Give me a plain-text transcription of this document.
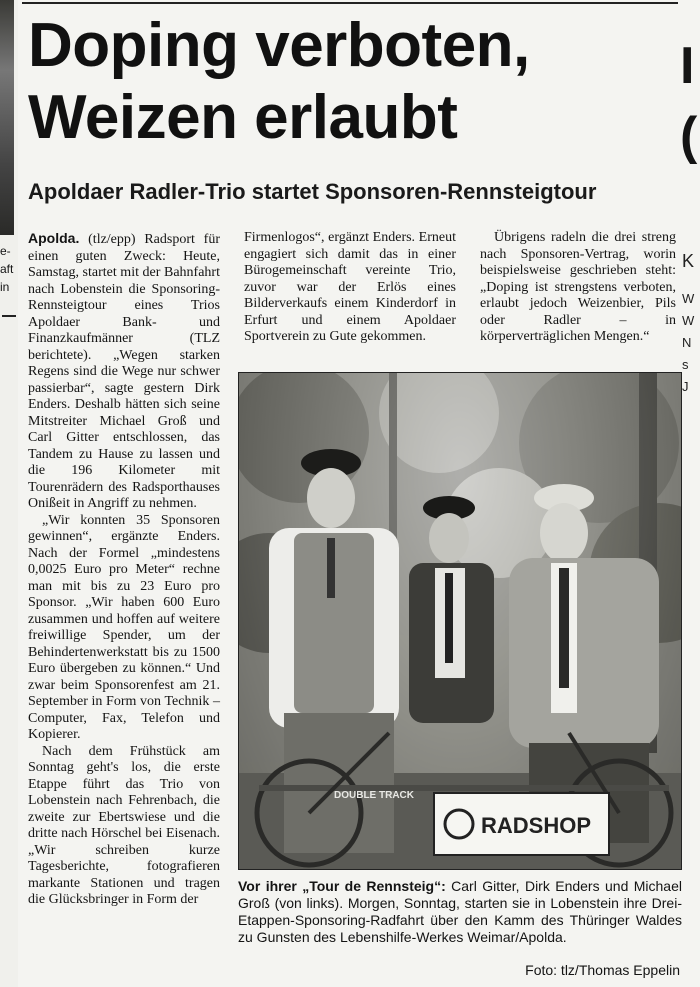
e-
aft
in
I
(
K
W
W
N
s
J
Doping verboten,
Weizen erlaubt
Apoldaer Radler-Trio startet Sponsoren-Rennsteigtour

Apolda. (tlz/epp) Radsport für einen guten Zweck: Heute, Samstag, startet mit der Bahnfahrt nach Lobenstein die Sponsoring-Rennsteigtour eines Trios Apoldaer Bank- und Finanzkaufmänner (TLZ berichtete). „Wegen starken Regens sind die Wege nur schwer passierbar“, sagte gestern Dirk Enders. Deshalb hätten sich seine Mitstreiter Michael Groß und Carl Gitter entschlossen, das Tandem zu Hause zu lassen und die 196 Kilometer mit Tourenrädern des Radsporthauses Onißeit in Angriff zu nehmen.

„Wir konnten 35 Sponsoren gewinnen“, ergänzte Enders. Nach der Formel „mindestens 0,0025 Euro pro Meter“ rechne man mit bis zu 23 Euro pro Sponsor. „Wir haben 600 Euro zusammen und hoffen auf weitere freiwillige Spender, um der Behindertenwerkstatt bis zu 1500 Euro übergeben zu können.“ Und zwar beim Sponsorenfest am 21. September in Form von Technik – Computer, Fax, Telefon und Kopierer.

Nach dem Frühstück am Sonntag geht's los, die erste Etappe führt das Trio von Lobenstein nach Fehrenbach, die zweite zur Ebertswiese und die dritte nach Hörschel bei Eisenach. „Wir schreiben kurze Tagesberichte, fotografieren markante Stationen und tragen die Glücksbringer in Form der

Firmenlogos“, ergänzt Enders. Erneut engagiert sich damit das in einer Bürogemeinschaft vereinte Trio, zuvor war der Erlös eines Bilderverkaufs einem Kinderdorf in Erfurt und einem Apoldaer Sportverein zu Gute gekommen.

Übrigens radeln die drei streng nach Sponsoren-Vertrag, worin beispielsweise geschrieben steht: „Doping ist strengstens verboten, erlaubt jedoch Weizenbier, Pils oder Radler – in körperverträglichen Mengen.“

DOUBLE TRACK
RADSHOP

Vor ihrer „Tour de Rennsteig“: Carl Gitter, Dirk Enders und Michael Groß (von links). Morgen, Sonntag, starten sie in Lobenstein ihre Drei-Etappen-Sponsoring-Radfahrt über den Kamm des Thüringer Waldes zu Gunsten des Lebenshilfe-Werkes Weimar/Apolda.

Foto: tlz/Thomas Eppelin
